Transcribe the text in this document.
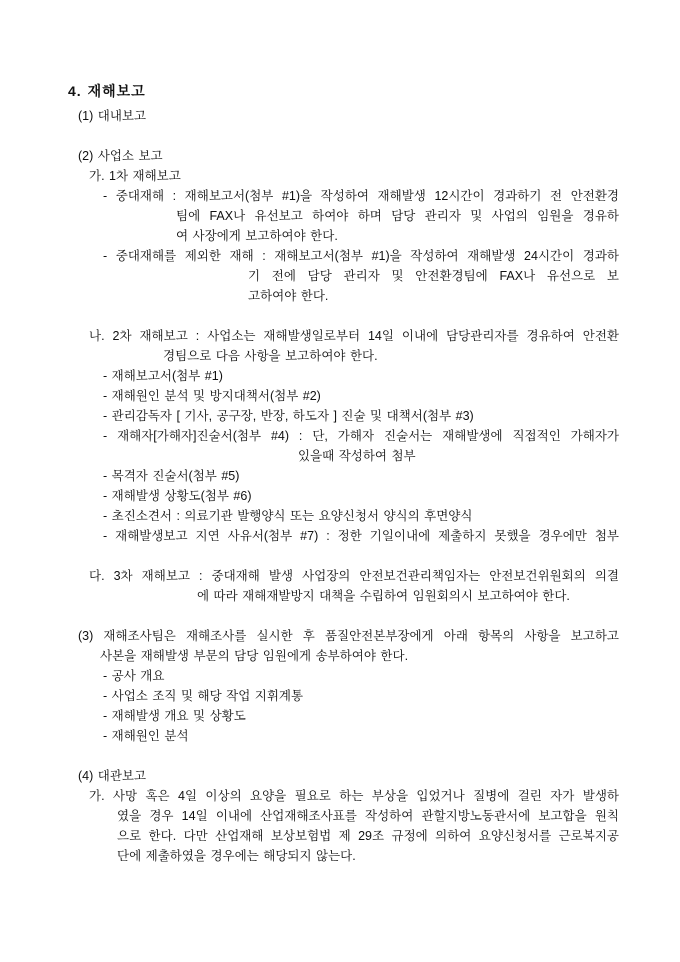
4. 재해보고
(1) 대내보고
(2) 사업소 보고
가. 1차 재해보고
- 중대재해 : 재해보고서(첨부 #1)을 작성하여 재해발생 12시간이 경과하기 전 안전환경
팀에 FAX나 유선보고 하여야 하며 담당 관리자 및 사업의 임원을 경유하
여 사장에게 보고하여야 한다.
- 중대재해를 제외한 재해 : 재해보고서(첨부 #1)을 작성하여 재해발생 24시간이 경과하
기 전에 담당 관리자 및 안전환경팀에 FAX나 유선으로 보
고하여야 한다.
나. 2차 재해보고 : 사업소는 재해발생일로부터 14일 이내에 담당관리자를 경유하여 안전환
경팀으로 다음 사항을 보고하여야 한다.
- 재해보고서(첨부 #1)
- 재해원인 분석 및 방지대책서(첨부 #2)
- 관리감독자 [ 기사, 공구장, 반장, 하도자 ] 진술 및 대책서(첨부 #3)
- 재해자[가해자]진술서(첨부 #4) : 단, 가해자 진술서는 재해발생에 직접적인 가해자가
있을때 작성하여 첨부
- 목격자 진술서(첨부 #5)
- 재해발생 상황도(첨부 #6)
- 초진소견서 : 의료기관 발행양식 또는 요양신청서 양식의 후면양식
- 재해발생보고 지연 사유서(첨부 #7) : 정한 기일이내에 제출하지 못했을 경우에만 첨부
다. 3차 재해보고 : 중대재해 발생 사업장의 안전보건관리책임자는 안전보건위원회의 의결
에 따라 재해재발방지 대책을 수립하여 임원회의시 보고하여야 한다.
(3) 재해조사팀은 재해조사를 실시한 후 품질안전본부장에게 아래 항목의 사항을 보고하고
사본을 재해발생 부문의 담당 임원에게 송부하여야 한다.
- 공사 개요
- 사업소 조직 및 해당 작업 지휘계통
- 재해발생 개요 및 상황도
- 재해원인 분석
(4) 대관보고
가. 사망 혹은 4일 이상의 요양을 필요로 하는 부상을 입었거나 질병에 걸린 자가 발생하
였을 경우 14일 이내에 산업재해조사표를 작성하여 관할지방노동관서에 보고합을 원칙
으로 한다. 다만 산업재해 보상보험법 제 29조 규정에 의하여 요양신청서를 근로복지공
단에 제출하였을 경우에는 해당되지 않는다.
